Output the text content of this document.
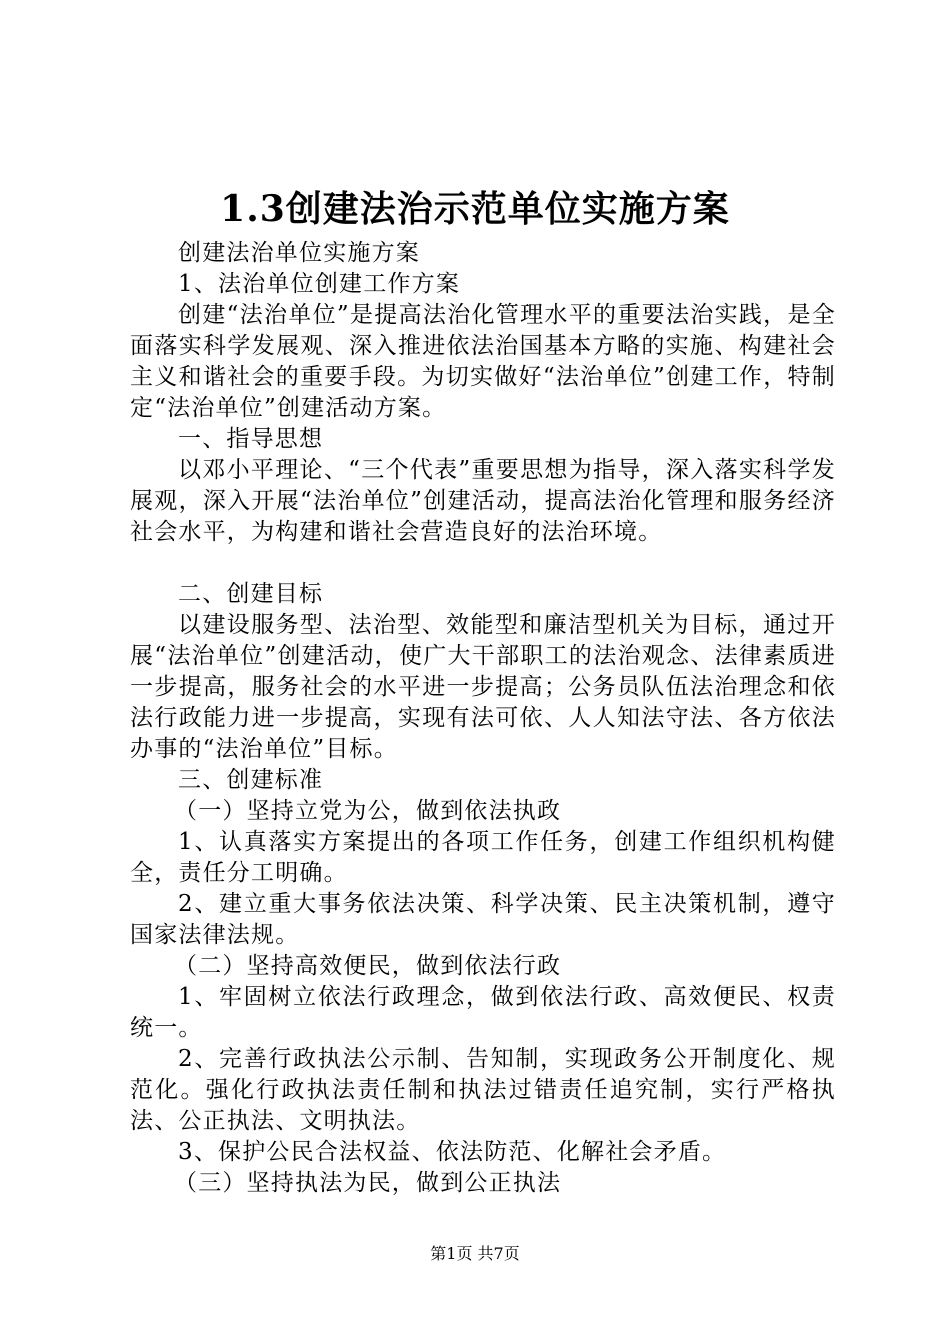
1.3创建法治示范单位实施方案

创建法治单位实施方案

1、法治单位创建工作方案

创建“法治单位”是提高法治化管理水平的重要法治实践，是全面落实科学发展观、深入推进依法治国基本方略的实施、构建社会主义和谐社会的重要手段。为切实做好“法治单位”创建工作，特制定“法治单位”创建活动方案。

一、指导思想

以邓小平理论、“三个代表”重要思想为指导，深入落实科学发展观，深入开展“法治单位”创建活动，提高法治化管理和服务经济社会水平，为构建和谐社会营造良好的法治环境。

二、创建目标

以建设服务型、法治型、效能型和廉洁型机关为目标，通过开展“法治单位”创建活动，使广大干部职工的法治观念、法律素质进一步提高，服务社会的水平进一步提高；公务员队伍法治理念和依法行政能力进一步提高，实现有法可依、人人知法守法、各方依法办事的“法治单位”目标。

三、创建标准

（一）坚持立党为公，做到依法执政

1、认真落实方案提出的各项工作任务，创建工作组织机构健全，责任分工明确。

2、建立重大事务依法决策、科学决策、民主决策机制，遵守国家法律法规。

（二）坚持高效便民，做到依法行政

1、牢固树立依法行政理念，做到依法行政、高效便民、权责统一。

2、完善行政执法公示制、告知制，实现政务公开制度化、规范化。强化行政执法责任制和执法过错责任追究制，实行严格执法、公正执法、文明执法。

3、保护公民合法权益、依法防范、化解社会矛盾。

（三）坚持执法为民，做到公正执法

第1页 共7页
